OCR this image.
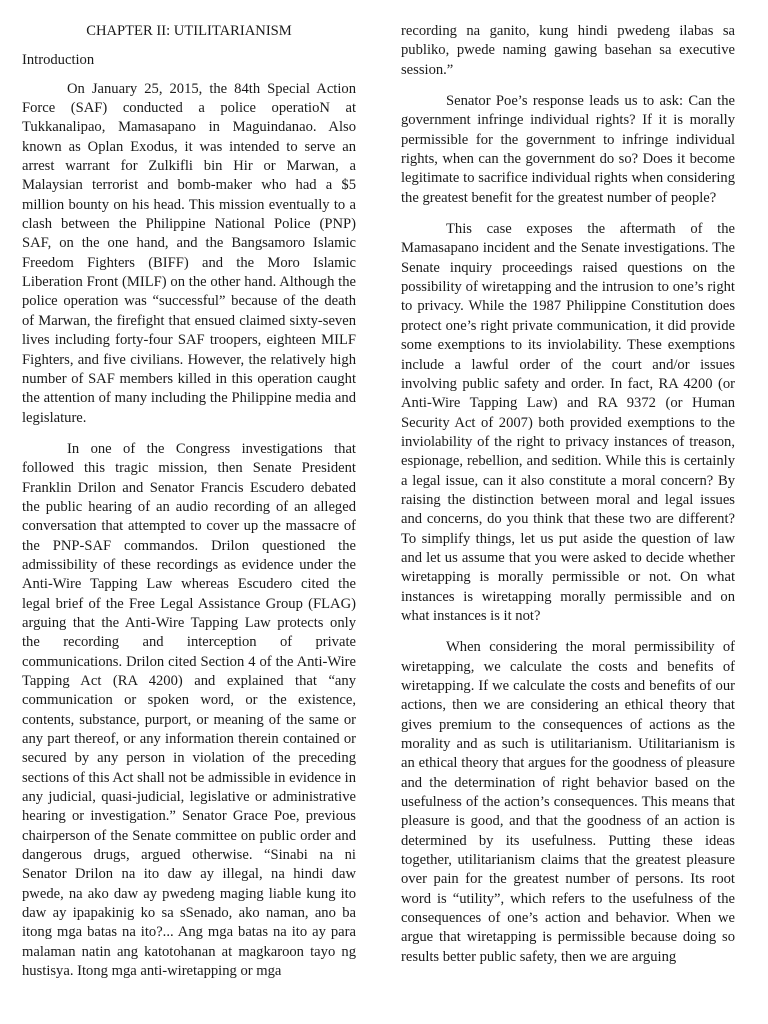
CHAPTER II: UTILITARIANISM
Introduction

On January 25, 2015, the 84th Special Action Force (SAF) conducted a police operatioN at Tukkanalipao, Mamasapano in Maguindanao. Also known as Oplan Exodus, it was intended to serve an arrest warrant for Zulkifli bin Hir or Marwan, a Malaysian terrorist and bomb-maker who had a $5 million bounty on his head. This mission eventually to a clash between the Philippine National Police (PNP) SAF, on the one hand, and the Bangsamoro Islamic Freedom Fighters (BIFF) and the Moro Islamic Liberation Front (MILF) on the other hand. Although the police operation was “successful” because of the death of Marwan, the firefight that ensued claimed sixty-seven lives including forty-four SAF troopers, eighteen MILF Fighters, and five civilians. However, the relatively high number of SAF members killed in this operation caught the attention of many including the Philippine media and legislature.

In one of the Congress investigations that followed this tragic mission, then Senate President Franklin Drilon and Senator Francis Escudero debated the public hearing of an audio recording of an alleged conversation that attempted to cover up the massacre of the PNP-SAF commandos. Drilon questioned the admissibility of these recordings as evidence under the Anti-Wire Tapping Law whereas Escudero cited the legal brief of the Free Legal Assistance Group (FLAG) arguing that the Anti-Wire Tapping Law protects only the recording and interception of private communications. Drilon cited Section 4 of the Anti-Wire Tapping Act (RA 4200) and explained that “any communication or spoken word, or the existence, contents, substance, purport, or meaning of the same or any part thereof, or any information therein contained or secured by any person in violation of the preceding sections of this Act shall not be admissible in evidence in any judicial, quasi-judicial, legislative or administrative hearing or investigation.” Senator Grace Poe, previous chairperson of the Senate committee on public order and dangerous drugs, argued otherwise. “Sinabi na ni Senator Drilon na ito daw ay illegal, na hindi daw pwede, na ako daw ay pwedeng maging liable kung ito daw ay ipapakinig ko sa sSenado, ako naman, ano ba itong mga batas na ito?... Ang mga batas na ito ay para malaman natin ang katotohanan at magkaroon tayo ng hustisya. Itong mga anti-wiretapping or mga

recording na ganito, kung hindi pwedeng ilabas sa publiko, pwede naming gawing basehan sa executive session.”

Senator Poe’s response leads us to ask: Can the government infringe individual rights? If it is morally permissible for the government to infringe individual rights, when can the government do so? Does it become legitimate to sacrifice individual rights when considering the greatest benefit for the greatest number of people?

This case exposes the aftermath of the Mamasapano incident and the Senate investigations. The Senate inquiry proceedings raised questions on the possibility of wiretapping and the intrusion to one’s right to privacy. While the 1987 Philippine Constitution does protect one’s right private communication, it did provide some exemptions to its inviolability. These exemptions include a lawful order of the court and/or issues involving public safety and order. In fact, RA 4200 (or Anti-Wire Tapping Law) and RA 9372 (or Human Security Act of 2007) both provided exemptions to the inviolability of the right to privacy instances of treason, espionage, rebellion, and sedition. While this is certainly a legal issue, can it also constitute a moral concern? By raising the distinction between moral and legal issues and concerns, do you think that these two are different? To simplify things, let us put aside the question of law and let us assume that you were asked to decide whether wiretapping is morally permissible or not. On what instances is wiretapping morally permissible and on what instances is it not?

When considering the moral permissibility of wiretapping, we calculate the costs and benefits of wiretapping. If we calculate the costs and benefits of our actions, then we are considering an ethical theory that gives premium to the consequences of actions as the morality and as such is utilitarianism. Utilitarianism is an ethical theory that argues for the goodness of pleasure and the determination of right behavior based on the usefulness of the action’s consequences. This means that pleasure is good, and that the goodness of an action is determined by its usefulness. Putting these ideas together, utilitarianism claims that the greatest pleasure over pain for the greatest number of persons. Its root word is “utility”, which refers to the usefulness of the consequences of one’s action and behavior. When we argue that wiretapping is permissible because doing so results better public safety, then we are arguing
